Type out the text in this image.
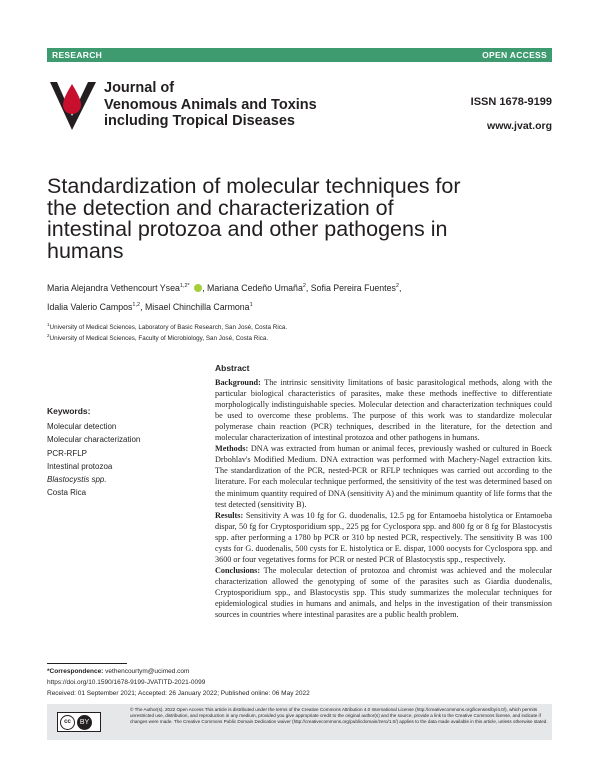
RESEARCH	OPEN ACCESS
Journal of
Venomous Animals and Toxins
including Tropical Diseases
ISSN 1678-9199
www.jvat.org
Standardization of molecular techniques for the detection and characterization of intestinal protozoa and other pathogens in humans
Maria Alejandra Vethencourt Ysea$^{1,2*}$ , Mariana Cedeño Umaña$^2$, Sofia Pereira Fuentes$^2$,
Idalia Valerio Campos$^{1,2}$, Misael Chinchilla Carmona$^1$
$^1$University of Medical Sciences, Laboratory of Basic Research, San José, Costa Rica.
$^2$University of Medical Sciences, Faculty of Microbiology, San José, Costa Rica.
Keywords:
Molecular detection
Molecular characterization
PCR-RFLP
Intestinal protozoa
Blastocystis spp.
Costa Rica
Abstract

Background: The intrinsic sensitivity limitations of basic parasitological methods, along with the particular biological characteristics of parasites, make these methods ineffective to differentiate morphologically indistinguishable species. Molecular detection and characterization techniques could be used to overcome these problems. The purpose of this work was to standardize molecular polymerase chain reaction (PCR) techniques, described in the literature, for the detection and molecular characterization of intestinal protozoa and other pathogens in humans.

Methods: DNA was extracted from human or animal feces, previously washed or cultured in Boeck Drbohlav's Modified Medium. DNA extraction was performed with Machery-Nagel extraction kits. The standardization of the PCR, nested-PCR or RFLP techniques was carried out according to the literature. For each molecular technique performed, the sensitivity of the test was determined based on the minimum quantity required of DNA (sensitivity A) and the minimum quantity of life forms that the test detected (sensitivity B).

Results: Sensitivity A was 10 fg for G. duodenalis, 12.5 pg for Entamoeba histolytica or Entamoeba dispar, 50 fg for Cryptosporidium spp., 225 pg for Cyclospora spp. and 800 fg or 8 fg for Blastocystis spp. after performing a 1780 bp PCR or 310 bp nested PCR, respectively. The sensitivity B was 100 cysts for G. duodenalis, 500 cysts for E. histolytica or E. dispar, 1000 oocysts for Cyclospora spp. and 3600 or four vegetatives forms for PCR or nested PCR of Blastocystis spp., respectively.

Conclusions: The molecular detection of protozoa and chromist was achieved and the molecular characterization allowed the genotyping of some of the parasites such as Giardia duodenalis, Cryptosporidium spp., and Blastocystis spp. This study summarizes the molecular techniques for epidemiological studies in humans and animals, and helps in the investigation of their transmission sources in countries where intestinal parasites are a public health problem.

*Correspondence: vethencourtym@ucimed.com
https://doi.org/10.1590/1678-9199-JVATITD-2021-0099
Received: 01 September 2021; Accepted: 26 January 2022; Published online: 06 May 2022
cc	BY
© The Author(s). 2022 Open Access This article is distributed under the terms of the Creative Commons Attribution 4.0 International License (http://creativecommons.org/licenses/by/4.0/), which permits unrestricted use, distribution, and reproduction in any medium, provided you give appropriate credit to the original author(s) and the source, provide a link to the Creative Commons license, and indicate if changes were made. The Creative Commons Public Domain Dedication waiver (http://creativecommons.org/publicdomain/zero/1.0/) applies to the data made available in this article, unless otherwise stated.
